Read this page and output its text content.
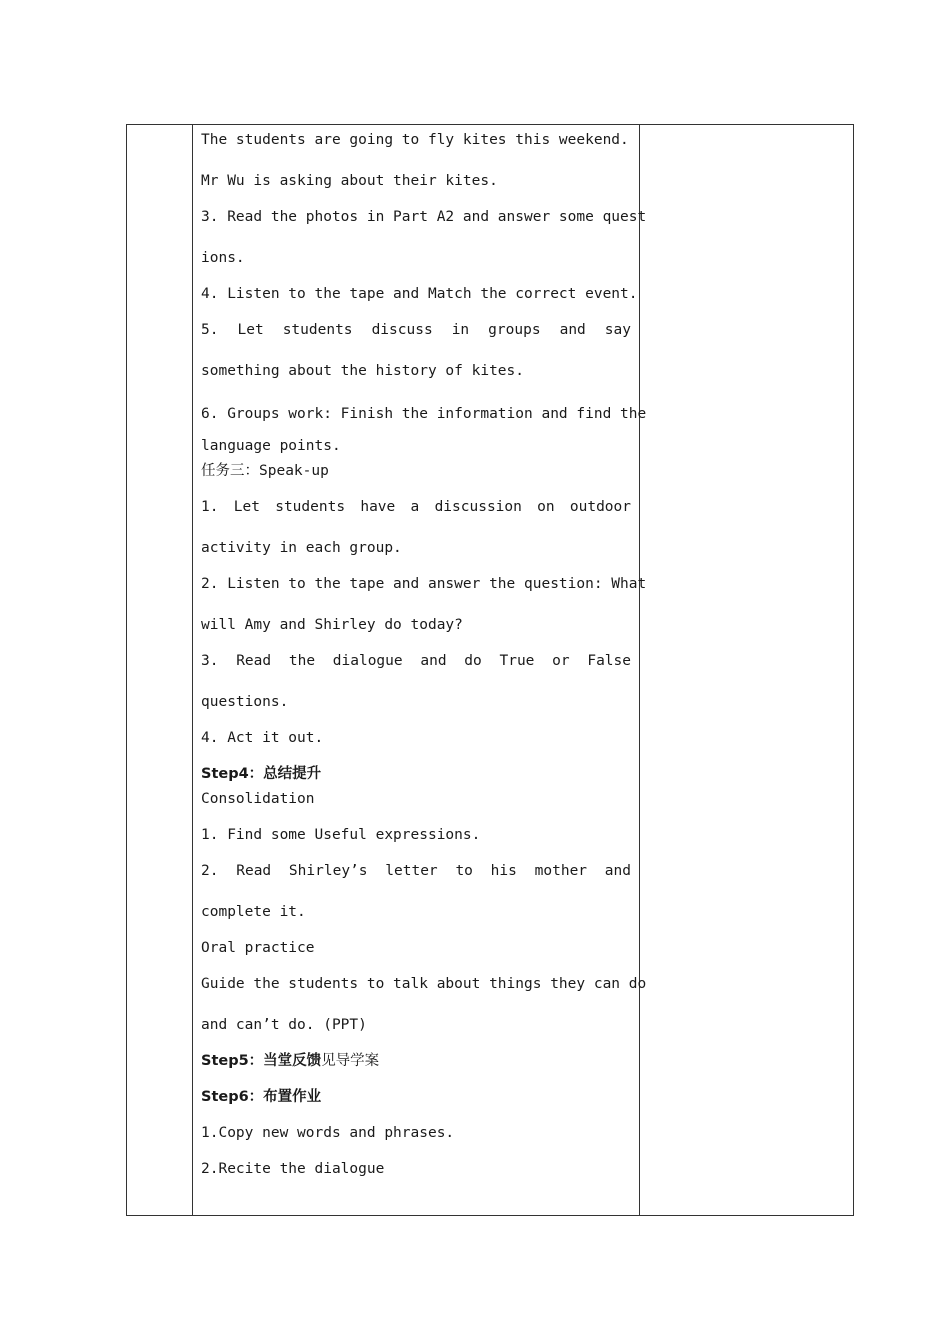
The students are going to fly kites this weekend.
Mr Wu is asking about their kites.
3. Read the photos in Part A2 and answer some quest
ions.
4. Listen to the tape and Match the correct event.
5. Let students discuss in groups and say
something about the history of kites.
6. Groups work: Finish the information and find the
language points.
任务三：Speak-up
1. Let students have a discussion on outdoor
activity in each group.
2. Listen to the tape and answer the question: What
will Amy and Shirley do today?
3. Read the dialogue and do True or False
questions.
4. Act it out.
Step4：总结提升
Consolidation
1. Find some Useful expressions.
2. Read Shirley’s letter to his mother and
complete it.
Oral practice
Guide the students to talk about things they can do
and can’t do. (PPT)
Step5：当堂反馈见导学案
Step6：布置作业
1.Copy new words and phrases.
2.Recite the dialogue
